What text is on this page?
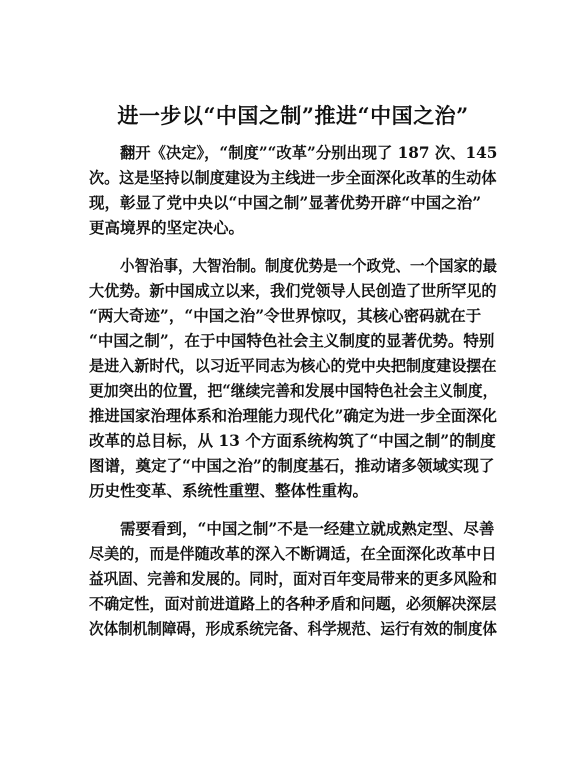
进一步以“中国之制”推进“中国之治”
翻开《决定》，“制度”“改革”分别出现了 187 次、145
次。这是坚持以制度建设为主线进一步全面深化改革的生动体
现，彰显了党中央以“中国之制”显著优势开辟“中国之治”
更高境界的坚定决心。
小智治事，大智治制。制度优势是一个政党、一个国家的最
大优势。新中国成立以来，我们党领导人民创造了世所罕见的
“两大奇迹”，“中国之治”令世界惊叹，其核心密码就在于
“中国之制”，在于中国特色社会主义制度的显著优势。特别
是进入新时代，以习近平同志为核心的党中央把制度建设摆在
更加突出的位置，把“继续完善和发展中国特色社会主义制度，
推进国家治理体系和治理能力现代化”确定为进一步全面深化
改革的总目标，从 13 个方面系统构筑了“中国之制”的制度
图谱，奠定了“中国之治”的制度基石，推动诸多领域实现了
历史性变革、系统性重塑、整体性重构。
需要看到，“中国之制”不是一经建立就成熟定型、尽善
尽美的，而是伴随改革的深入不断调适，在全面深化改革中日
益巩固、完善和发展的。同时，面对百年变局带来的更多风险和
不确定性，面对前进道路上的各种矛盾和问题，必须解决深层
次体制机制障碍，形成系统完备、科学规范、运行有效的制度体
